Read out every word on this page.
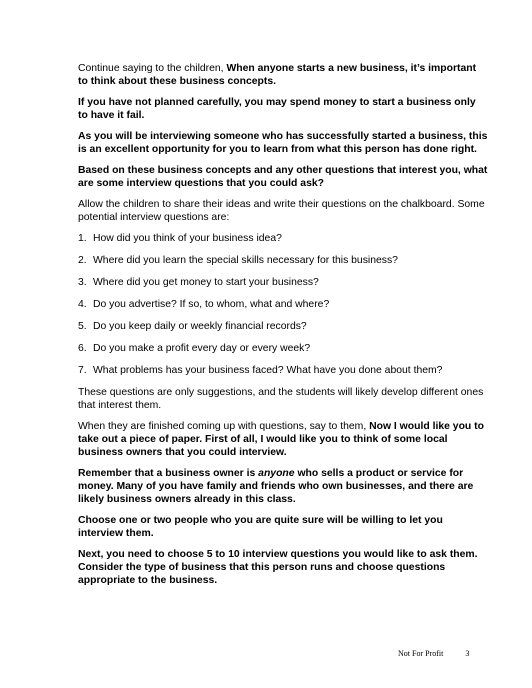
Continue saying to the children, When anyone starts a new business, it’s important to think about these business concepts.

If you have not planned carefully, you may spend money to start a business only to have it fail.

As you will be interviewing someone who has successfully started a business, this is an excellent opportunity for you to learn from what this person has done right.

Based on these business concepts and any other questions that interest you, what are some interview questions that you could ask?

Allow the children to share their ideas and write their questions on the chalkboard. Some potential interview questions are:

1. How did you think of your business idea?
2. Where did you learn the special skills necessary for this business?
3. Where did you get money to start your business?
4. Do you advertise? If so, to whom, what and where?
5. Do you keep daily or weekly financial records?
6. Do you make a profit every day or every week?
7. What problems has your business faced? What have you done about them?

These questions are only suggestions, and the students will likely develop different ones that interest them.

When they are finished coming up with questions, say to them, Now I would like you to take out a piece of paper. First of all, I would like you to think of some local business owners that you could interview.

Remember that a business owner is anyone who sells a product or service for money. Many of you have family and friends who own businesses, and there are likely business owners already in this class.

Choose one or two people who you are quite sure will be willing to let you interview them.

Next, you need to choose 5 to 10 interview questions you would like to ask them. Consider the type of business that this person runs and choose questions appropriate to the business.

Not For Profit	3
